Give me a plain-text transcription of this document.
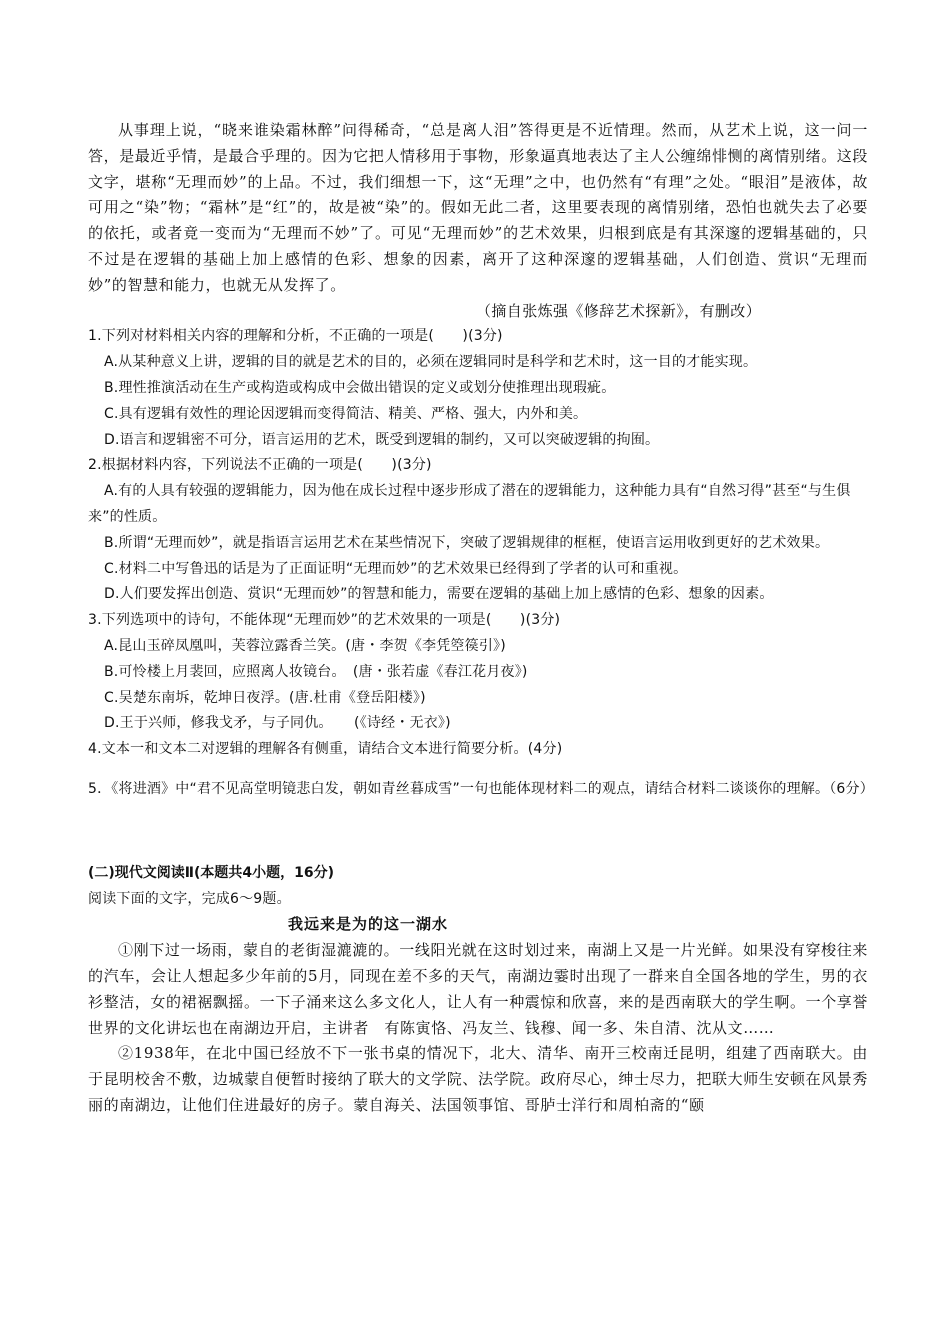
从事理上说，“晓来谁染霜林醉”问得稀奇，“总是离人泪”答得更是不近情理。然而，从艺术上说，这一问一答，是最近乎情，是最合乎理的。因为它把人情移用于事物，形象逼真地表达了主人公缠绵悱恻的离情别绪。这段文字，堪称“无理而妙”的上品。不过，我们细想一下，这“无理”之中，也仍然有“有理”之处。“眼泪”是液体，故可用之“染”物；“霜林”是“红”的，故是被“染”的。假如无此二者，这里要表现的离情别绪，恐怕也就失去了必要的依托，或者竟一变而为“无理而不妙”了。可见“无理而妙”的艺术效果，归根到底是有其深邃的逻辑基础的，只不过是在逻辑的基础上加上感情的色彩、想象的因素，离开了这种深邃的逻辑基础，人们创造、赏识“无理而妙”的智慧和能力，也就无从发挥了。

（摘自张炼强《修辞艺术探新》，有删改）

1.下列对材料相关内容的理解和分析，不正确的一项是(　　)(3分)

A.从某种意义上讲，逻辑的目的就是艺术的目的，必须在逻辑同时是科学和艺术时，这一目的才能实现。

B.理性推演活动在生产或构造或构成中会做出错误的定义或划分使推理出现瑕疵。

C.具有逻辑有效性的理论因逻辑而变得简洁、精美、严格、强大，内外和美。

D.语言和逻辑密不可分，语言运用的艺术，既受到逻辑的制约，又可以突破逻辑的拘囿。

2.根据材料内容，下列说法不正确的一项是(　　)(3分)

A.有的人具有较强的逻辑能力，因为他在成长过程中逐步形成了潜在的逻辑能力，这种能力具有“自然习得”甚至“与生俱来”的性质。

B.所谓“无理而妙”，就是指语言运用艺术在某些情况下，突破了逻辑规律的框框，使语言运用收到更好的艺术效果。

C.材料二中写鲁迅的话是为了正面证明“无理而妙”的艺术效果已经得到了学者的认可和重视。

D.人们要发挥出创造、赏识“无理而妙”的智慧和能力，需要在逻辑的基础上加上感情的色彩、想象的因素。

3.下列选项中的诗句，不能体现“无理而妙”的艺术效果的一项是(　　)(3分)

A.昆山玉碎凤凰叫，芙蓉泣露香兰笑。(唐・李贺《李凭箜篌引》)

B.可怜楼上月裴回，应照离人妆镜台。　(唐・张若虚《春江花月夜》)

C.吴楚东南坼，乾坤日夜浮。(唐.杜甫《登岳阳楼》)

D.王于兴师，修我戈矛，与子同仇。　　(《诗经・无衣》)

4.文本一和文本二对逻辑的理解各有侧重，请结合文本进行简要分析。(4分)

5．《将进酒》中“君不见高堂明镜悲白发，朝如青丝暮成雪”一句也能体现材料二的观点，请结合材料二谈谈你的理解。（6分）

(二)现代文阅读Ⅱ(本题共4小题，16分)

阅读下面的文字，完成6～9题。

我远来是为的这一湖水

①刚下过一场雨，蒙自的老街湿漉漉的。一线阳光就在这时划过来，南湖上又是一片光鲜。如果没有穿梭往来的汽车，会让人想起多少年前的5月，同现在差不多的天气，南湖边霎时出现了一群来自全国各地的学生，男的衣衫整洁，女的裙裾飘摇。一下子涌来这么多文化人，让人有一种震惊和欣喜，来的是西南联大的学生啊。一个享誉世界的文化讲坛也在南湖边开启，主讲者　有陈寅恪、冯友兰、钱穆、闻一多、朱自清、沈从文……

②1938年，在北中国已经放不下一张书桌的情况下，北大、清华、南开三校南迁昆明，组建了西南联大。由于昆明校舍不敷，边城蒙自便暂时接纳了联大的文学院、法学院。政府尽心，绅士尽力，把联大师生安顿在风景秀丽的南湖边，让他们住进最好的房子。蒙自海关、法国领事馆、哥胪士洋行和周柏斋的“颐
